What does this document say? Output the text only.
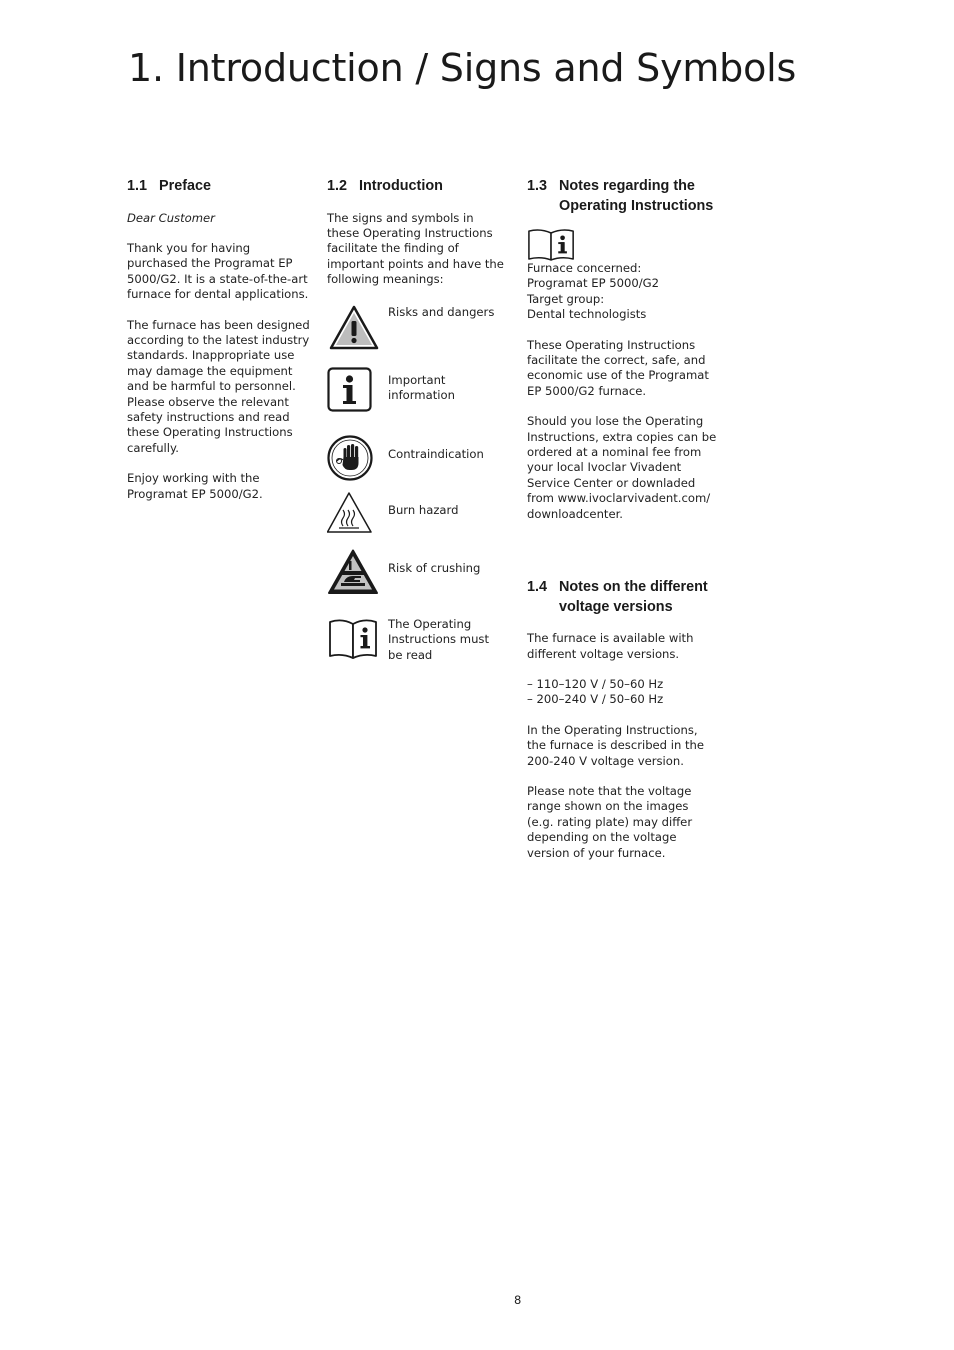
1. Introduction / Signs and Symbols
1.1 Preface

Dear Customer

Thank you for having purchased the Programat EP 5000/G2. It is a state-of-the-art furnace for dental applications.

The furnace has been designed according to the latest industry standards. Inappropriate use may damage the equipment and be harmful to personnel. Please observe the relevant safety instructions and read these Operating Instructions carefully.

Enjoy working with the Programat EP 5000/G2.

1.2 Introduction

The signs and symbols in these Operating Instructions facilitate the finding of important points and have the following meanings:

Risks and dangers
Important information
Contraindication
Burn hazard
Risk of crushing
The Operating Instructions must be read
1.3 Notes regarding the Operating Instructions

Furnace concerned:

Programat EP 5000/G2

Target group:

Dental technologists

These Operating Instructions facilitate the correct, safe, and economic use of the Programat EP 5000/G2 furnace.

Should you lose the Operating Instructions, extra copies can be ordered at a nominal fee from your local Ivoclar Vivadent Service Center or downladed from www.ivoclarvivadent.com/ downloadcenter.

1.4 Notes on the different voltage versions

The furnace is available with different voltage versions.

– 110–120 V / 50–60 Hz
– 200–240 V / 50–60 Hz

In the Operating Instructions, the furnace is described in the 200-240 V voltage version.

Please note that the voltage range shown on the images (e.g. rating plate) may differ depending on the voltage version of your furnace.

8
